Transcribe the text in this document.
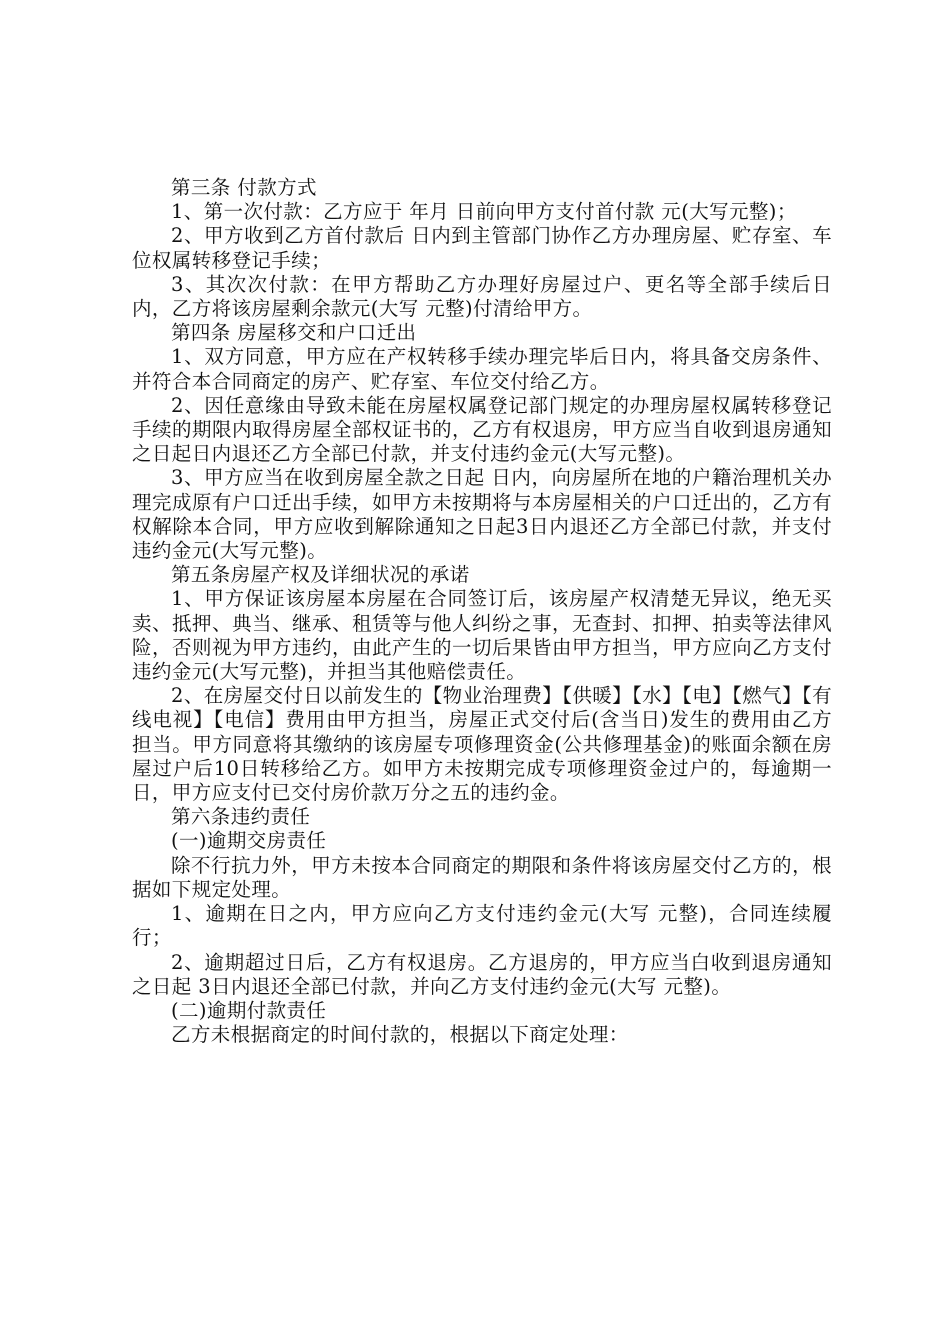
第三条 付款方式

1、第一次付款：乙方应于 年月 日前向甲方支付首付款 元(大写元整)；

2、甲方收到乙方首付款后 日内到主管部门协作乙方办理房屋、贮存室、车位权属转移登记手续；

3、其次次付款：在甲方帮助乙方办理好房屋过户、更名等全部手续后日内，乙方将该房屋剩余款元(大写 元整)付清给甲方。

第四条 房屋移交和户口迁出

1、双方同意，甲方应在产权转移手续办理完毕后日内，将具备交房条件、并符合本合同商定的房产、贮存室、车位交付给乙方。

2、因任意缘由导致未能在房屋权属登记部门规定的办理房屋权属转移登记手续的期限内取得房屋全部权证书的，乙方有权退房，甲方应当自收到退房通知之日起日内退还乙方全部已付款，并支付违约金元(大写元整)。

3、甲方应当在收到房屋全款之日起 日内，向房屋所在地的户籍治理机关办理完成原有户口迁出手续，如甲方未按期将与本房屋相关的户口迁出的，乙方有权解除本合同，甲方应收到解除通知之日起3日内退还乙方全部已付款，并支付违约金元(大写元整)。

第五条房屋产权及详细状况的承诺

1、甲方保证该房屋本房屋在合同签订后，该房屋产权清楚无异议，绝无买卖、抵押、典当、继承、租赁等与他人纠纷之事，无查封、扣押、拍卖等法律风险，否则视为甲方违约，由此产生的一切后果皆由甲方担当，甲方应向乙方支付违约金元(大写元整)，并担当其他赔偿责任。

2、在房屋交付日以前发生的【物业治理费】【供暖】【水】【电】【燃气】【有线电视】【电信】费用由甲方担当，房屋正式交付后(含当日)发生的费用由乙方担当。甲方同意将其缴纳的该房屋专项修理资金(公共修理基金)的账面余额在房屋过户后10日转移给乙方。如甲方未按期完成专项修理资金过户的，每逾期一日，甲方应支付已交付房价款万分之五的违约金。

第六条违约责任

(一)逾期交房责任

除不行抗力外，甲方未按本合同商定的期限和条件将该房屋交付乙方的，根据如下规定处理。

1、逾期在日之内，甲方应向乙方支付违约金元(大写 元整)，合同连续履行；

2、逾期超过日后，乙方有权退房。乙方退房的，甲方应当白收到退房通知之日起 3日内退还全部已付款，并向乙方支付违约金元(大写 元整)。

(二)逾期付款责任

乙方未根据商定的时间付款的，根据以下商定处理：
